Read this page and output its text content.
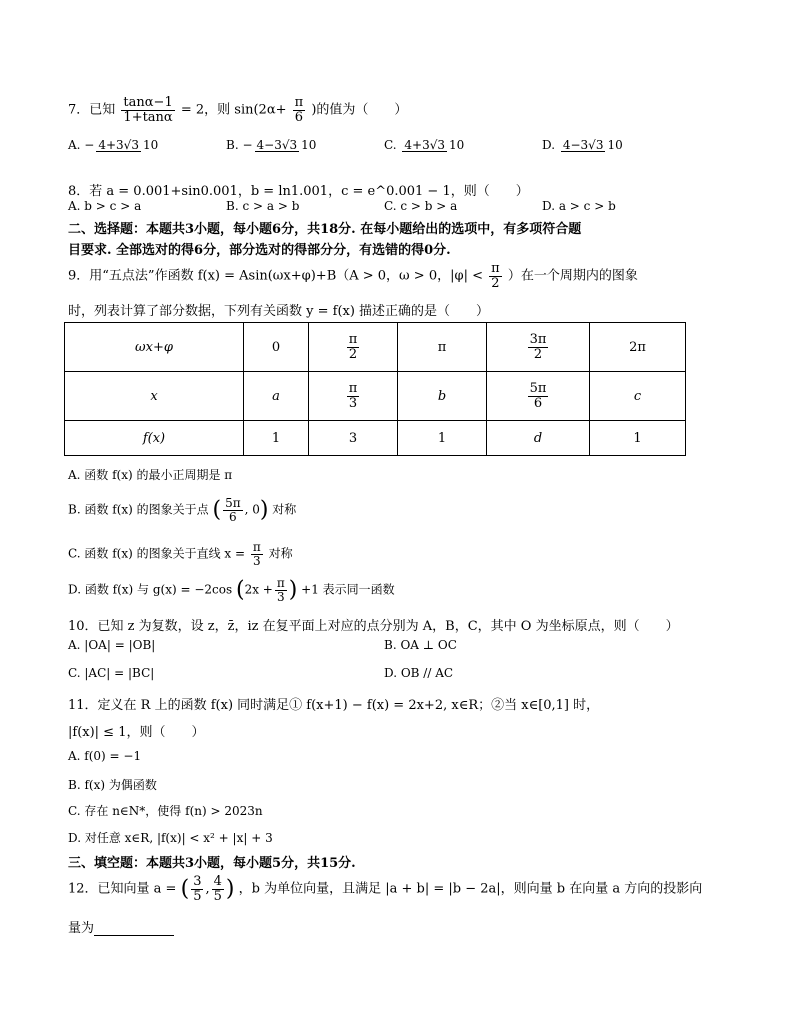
7．已知 $\frac{\tan\alpha-1}{1+\tan\alpha} = 2$，则 $\sin(2\alpha+ \frac{\pi}{6}$ )的值为（　　）
A. − 4+3√3 10	B. − 4−3√3 10	C. 4+3√3 10	D. 4−3√3 10
8．若 a = 0.001+sin0.001，b = ln1.001，c = e^0.001 − 1，则（　　）
A. b > c > a	B. c > a > b	C. c > b > a	D. a > c > b
二、选择题：本题共3小题，每小题6分，共18分. 在每小题给出的选项中，有多项符合题
目要求. 全部选对的得6分，部分选对的得部分分，有选错的得0分.
9．用“五点法”作函数 f(x) = Asin(ωx+φ)+B（A > 0，ω > 0，$|\varphi| < \frac{\pi}{2}$ ）在一个周期内的图象
时，列表计算了部分数据，下列有关函数 y = f(x) 描述正确的是（　　）
ωx+φ	0	$\frac{\pi}{2}$	π	$\frac{3\pi}{2}$	2π
x	a	$\frac{\pi}{3}$	b	$\frac{5\pi}{6}$	c
f(x)	1	3	1	d	1
A. 函数 f(x) 的最小正周期是 π
B. 函数 f(x) 的图象关于点 ( $\frac{5\pi}{6}$ , 0) 对称
C. 函数 f(x) 的图象关于直线 $x = \frac{\pi}{3}$ 对称
D. 函数 f(x) 与 g(x) = −2cos ($2x + \frac{\pi}{3}$ ) +1 表示同一函数
10．已知 z 为复数，设 z，z̄，iz 在复平面上对应的点分别为 A，B，C，其中 O 为坐标原点，则（　　）
A. |OA| = |OB|	B. OA ⊥ OC
C. |AC| = |BC|	D. OB // AC
11．定义在 R 上的函数 f(x) 同时满足① f(x+1) − f(x) = 2x+2, x∈R；②当 x∈[0,1] 时，
|f(x)| ≤ 1，则（　　）
A. f(0) = −1
B. f(x) 为偶函数
C. 存在 n∈N*，使得 f(n) > 2023n
D. 对任意 x∈R, |f(x)| < x² + |x| + 3
三、填空题：本题共3小题，每小题5分，共15分.
12．已知向量 a = ( $\frac{3}{5}$ , $\frac{4}{5}$ ) ，b 为单位向量，且满足 |a + b| = |b − 2a|，则向量 b 在向量 a 方向的投影向
量为
